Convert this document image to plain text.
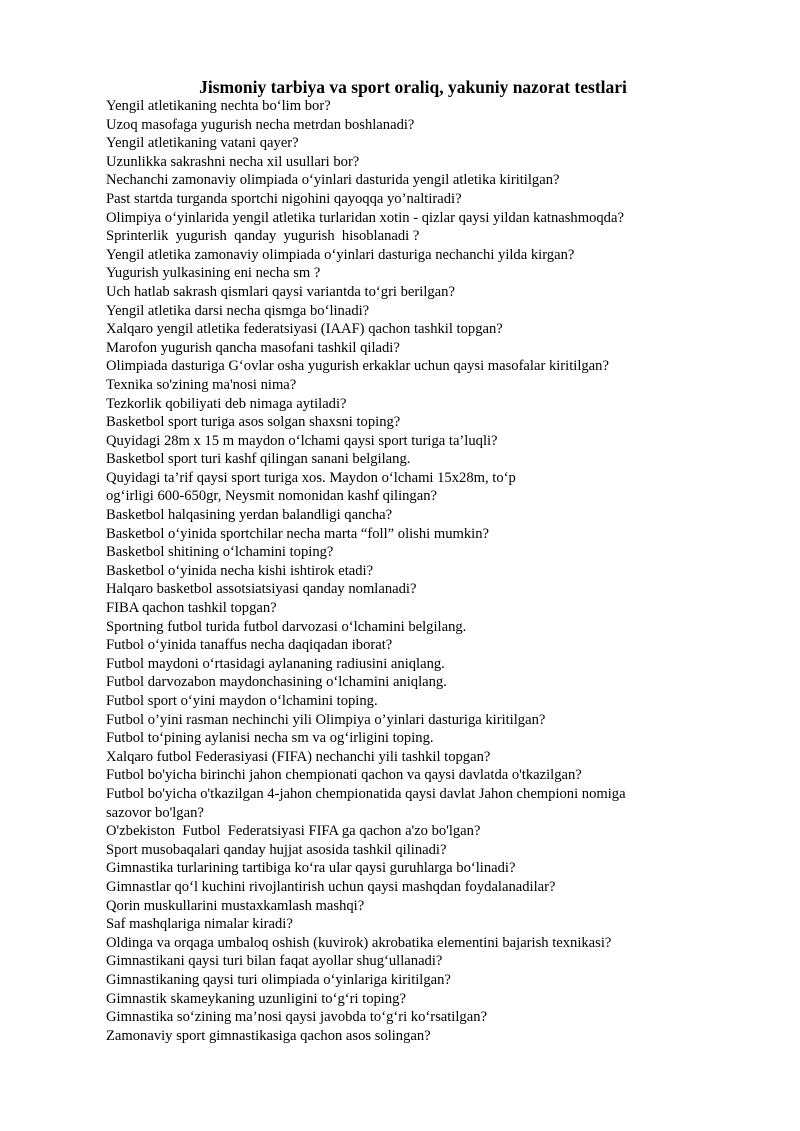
Jismoniy tarbiya va sport oraliq, yakuniy nazorat testlari
Yengil atletikaning nechta bo‘lim bor?
Uzoq masofaga yugurish necha metrdan boshlanadi?
Yengil atletikaning vatani qayer?
Uzunlikka sakrashni necha xil usullari bor?
Nechanchi zamonaviy olimpiada o‘yinlari dasturida yengil atletika kiritilgan?
Past startda turganda sportchi nigohini qayoqqa yo’naltiradi?
Olimpiya o‘yinlarida yengil atletika turlaridan xotin - qizlar qaysi yildan katnashmoqda?
Sprinterlik  yugurish  qanday  yugurish  hisoblanadi ?
Yengil atletika zamonaviy olimpiada o‘yinlari dasturiga nechanchi yilda kirgan?
Yugurish yulkasining eni necha sm ?
Uch hatlab sakrash qismlari qaysi variantda to‘gri berilgan?
Yengil atletika darsi necha qismga bo‘linadi?
Xalqaro yengil atletika federatsiyasi (IAAF) qachon tashkil topgan?
Marofon yugurish qancha masofani tashkil qiladi?
Olimpiada dasturiga G‘ovlar osha yugurish erkaklar uchun qaysi masofalar kiritilgan?
Texnika so'zining ma'nosi nima?
Tezkorlik qobiliyati deb nimaga aytiladi?
Basketbol sport turiga asos solgan shaxsni toping?
Quyidagi 28m x 15 m maydon o‘lchami qaysi sport turiga ta’luqli?
Basketbol sport turi kashf qilingan sanani belgilang.
Quyidagi ta’rif qaysi sport turiga xos. Maydon o‘lchami 15x28m, to‘p
og‘irligi 600-650gr, Neysmit nomonidan kashf qilingan?
Basketbol halqasining yerdan balandligi qancha?
Basketbol o‘yinida sportchilar necha marta “foll” olishi mumkin?
Basketbol shitining o‘lchamini toping?
Basketbol o‘yinida necha kishi ishtirok etadi?
Halqaro basketbol assotsiatsiyasi qanday nomlanadi?
FIBA qachon tashkil topgan?
Sportning futbol turida futbol darvozasi o‘lchamini belgilang.
Futbol o‘yinida tanaffus necha daqiqadan iborat?
Futbol maydoni o‘rtasidagi aylananing radiusini aniqlang.
Futbol darvozabon maydonchasining o‘lchamini aniqlang.
Futbol sport o‘yini maydon o‘lchamini toping.
Futbol o’yini rasman nechinchi yili Olimpiya o’yinlari dasturiga kiritilgan?
Futbol to‘pining aylanisi necha sm va og‘irligini toping.
Xalqaro futbol Federasiyasi (FIFA) nechanchi yili tashkil topgan?
Futbol bo'yicha birinchi jahon chempionati qachon va qaysi davlatda o'tkazilgan?
Futbol bo'yicha o'tkazilgan 4-jahon chempionatida qaysi davlat Jahon chempioni nomiga
sazovor bo'lgan?
O'zbekiston  Futbol  Federatsiyasi FIFA ga qachon a'zo bo'lgan?
Sport musobaqalari qanday hujjat asosida tashkil qilinadi?
Gimnastika turlarining tartibiga ko‘ra ular qaysi guruhlarga bo‘linadi?
Gimnastlar qo‘l kuchini rivojlantirish uchun qaysi mashqdan foydalanadilar?
Qorin muskullarini mustaxkamlash mashqi?
Saf mashqlariga nimalar kiradi?
Oldinga va orqaga umbaloq oshish (kuvirok) akrobatika elementini bajarish texnikasi?
Gimnastikani qaysi turi bilan faqat ayollar shug‘ullanadi?
Gimnastikaning qaysi turi olimpiada o‘yinlariga kiritilgan?
Gimnastik skameykaning uzunligini to‘g‘ri toping?
Gimnastika so‘zining ma’nosi qaysi javobda to‘g‘ri ko‘rsatilgan?
Zamonaviy sport gimnastikasiga qachon asos solingan?
